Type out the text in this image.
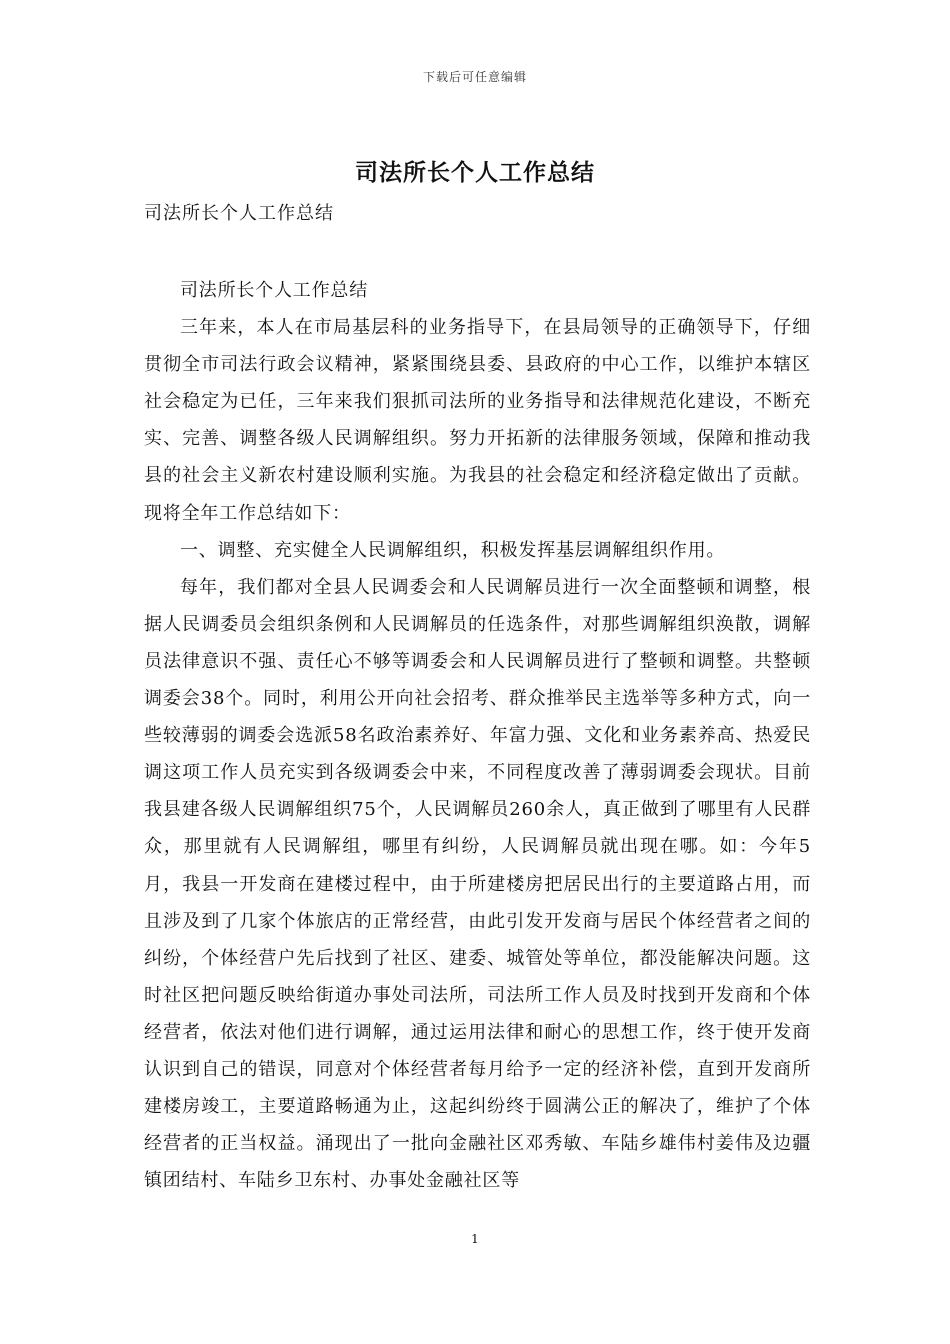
下载后可任意编辑
司法所长个人工作总结
司法所长个人工作总结

司法所长个人工作总结

三年来，本人在市局基层科的业务指导下，在县局领导的正确领导下，仔细贯彻全市司法行政会议精神，紧紧围绕县委、县政府的中心工作，以维护本辖区社会稳定为已任，三年来我们狠抓司法所的业务指导和法律规范化建设，不断充实、完善、调整各级人民调解组织。努力开拓新的法律服务领域，保障和推动我县的社会主义新农村建设顺利实施。为我县的社会稳定和经济稳定做出了贡献。现将全年工作总结如下：

一、调整、充实健全人民调解组织，积极发挥基层调解组织作用。

每年，我们都对全县人民调委会和人民调解员进行一次全面整顿和调整，根据人民调委员会组织条例和人民调解员的任选条件，对那些调解组织涣散，调解员法律意识不强、责任心不够等调委会和人民调解员进行了整顿和调整。共整顿调委会38个。同时，利用公开向社会招考、群众推举民主选举等多种方式，向一些较薄弱的调委会选派58名政治素养好、年富力强、文化和业务素养高、热爱民调这项工作人员充实到各级调委会中来，不同程度改善了薄弱调委会现状。目前我县建各级人民调解组织75个，人民调解员260余人，真正做到了哪里有人民群众，那里就有人民调解组，哪里有纠纷，人民调解员就出现在哪。如：今年5月，我县一开发商在建楼过程中，由于所建楼房把居民出行的主要道路占用，而且涉及到了几家个体旅店的正常经营，由此引发开发商与居民个体经营者之间的纠纷，个体经营户先后找到了社区、建委、城管处等单位，都没能解决问题。这时社区把问题反映给街道办事处司法所，司法所工作人员及时找到开发商和个体经营者，依法对他们进行调解，通过运用法律和耐心的思想工作，终于使开发商认识到自己的错误，同意对个体经营者每月给予一定的经济补偿，直到开发商所建楼房竣工，主要道路畅通为止，这起纠纷终于圆满公正的解决了，维护了个体经营者的正当权益。涌现出了一批向金融社区邓秀敏、车陆乡雄伟村姜伟及边疆镇团结村、车陆乡卫东村、办事处金融社区等

1
